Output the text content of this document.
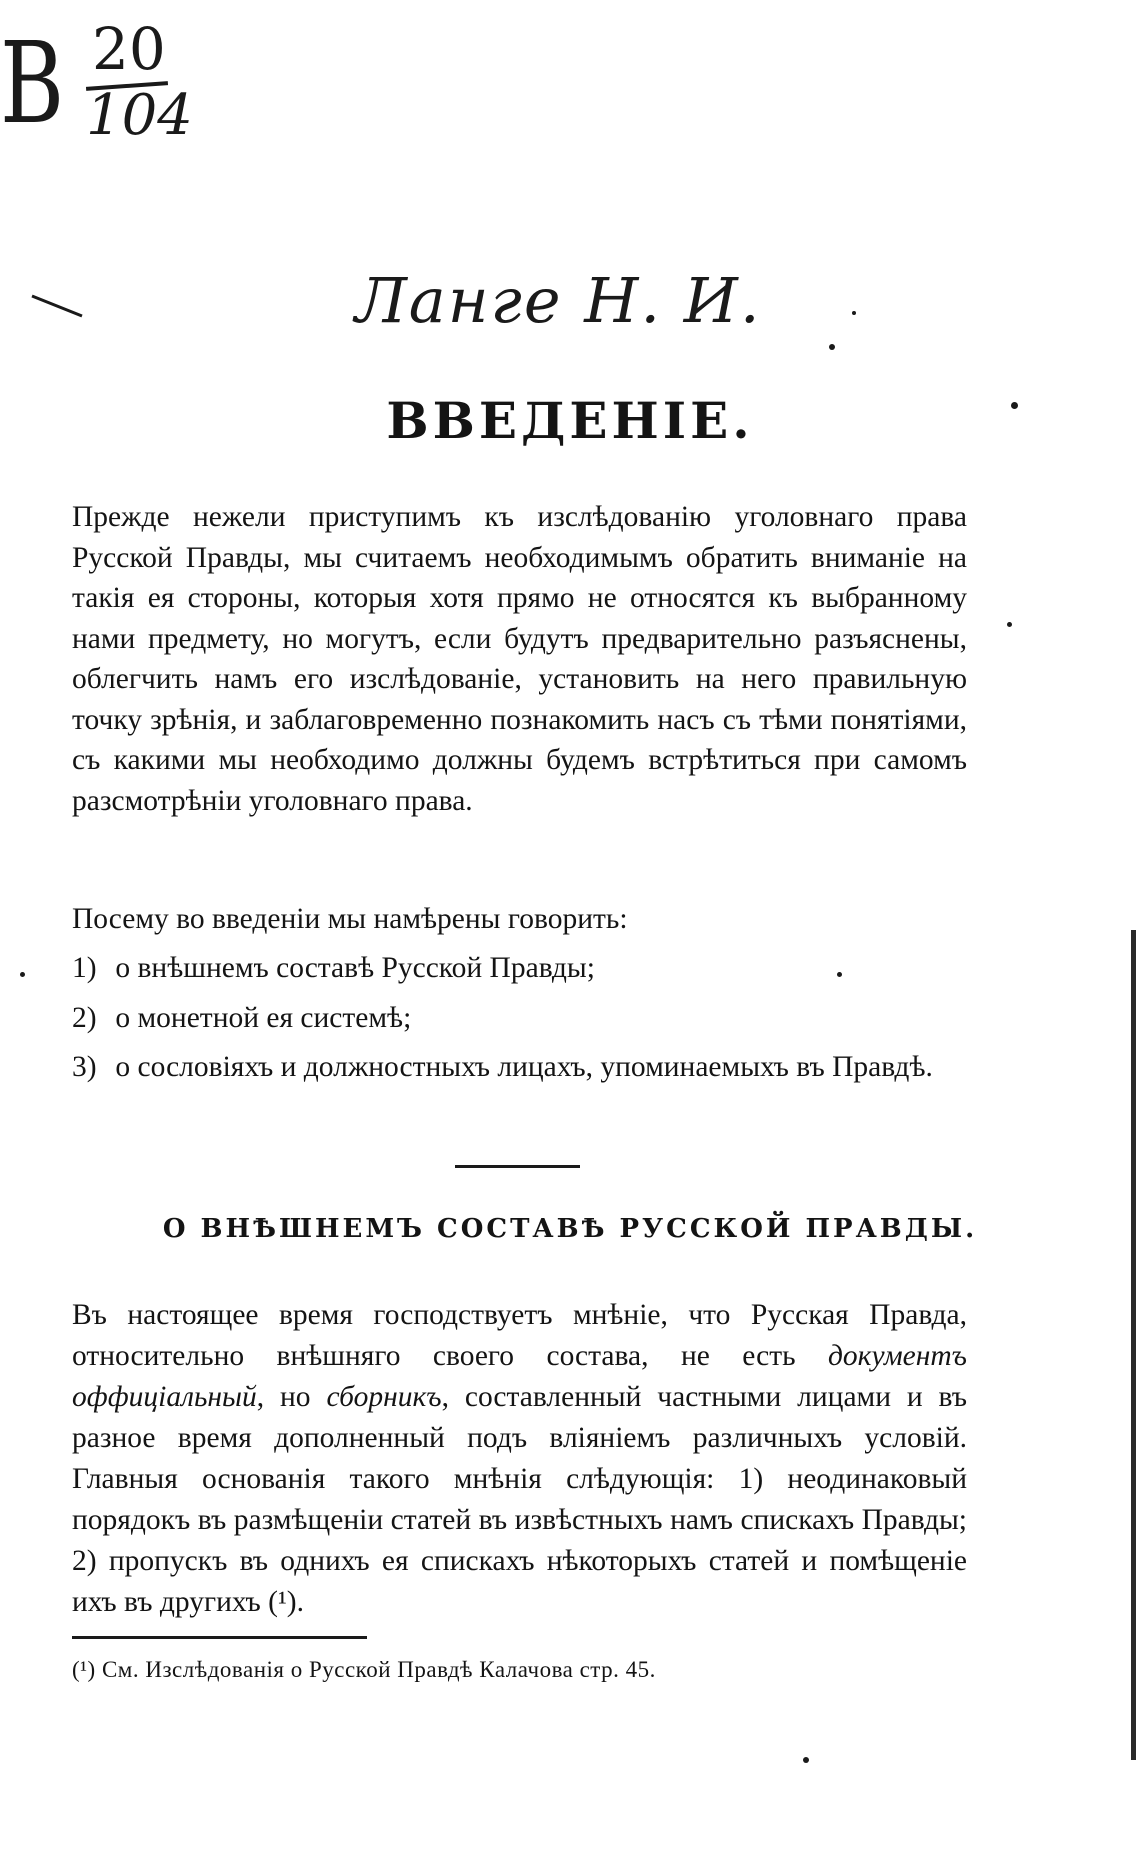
B 20
104
Ланге Н. И.
ВВЕДЕНІЕ.

Прежде нежели приступимъ къ изслѣдованію уголовнаго права Русской Правды, мы считаемъ необходимымъ обратить вниманіе на такія ея стороны, которыя хотя прямо не относятся къ выбранному нами предмету, но могутъ, если будутъ предварительно разъяснены, облегчить намъ его изслѣдованіе, установить на него правильную точку зрѣнія, и заблаговременно познакомить насъ съ тѣми понятіями, съ какими мы необходимо должны будемъ встрѣтиться при самомъ разсмотрѣніи уголовнаго права.

Посему во введеніи мы намѣрены говорить:

1) о внѣшнемъ составѣ Русской Правды;
2) о монетной ея системѣ;
3) о сословіяхъ и должностныхъ лицахъ, упоминаемыхъ въ Правдѣ.
О ВНѢШНЕМЪ СОСТАВѢ РУССКОЙ ПРАВДЫ.

Въ настоящее время господствуетъ мнѣніе, что Русская Правда, относительно внѣшняго своего состава, не есть документъ оффиціальный, но сборникъ, составленный частными лицами и въ разное время дополненный подъ вліяніемъ различныхъ условій. Главныя основанія такого мнѣнія слѣдующія: 1) неодинаковый порядокъ въ размѣщеніи статей въ извѣстныхъ намъ спискахъ Правды; 2) пропускъ въ однихъ ея спискахъ нѣкоторыхъ статей и помѣщеніе ихъ въ другихъ (¹).

(¹) См. Изслѣдованія о Русской Правдѣ Калачова стр. 45.
